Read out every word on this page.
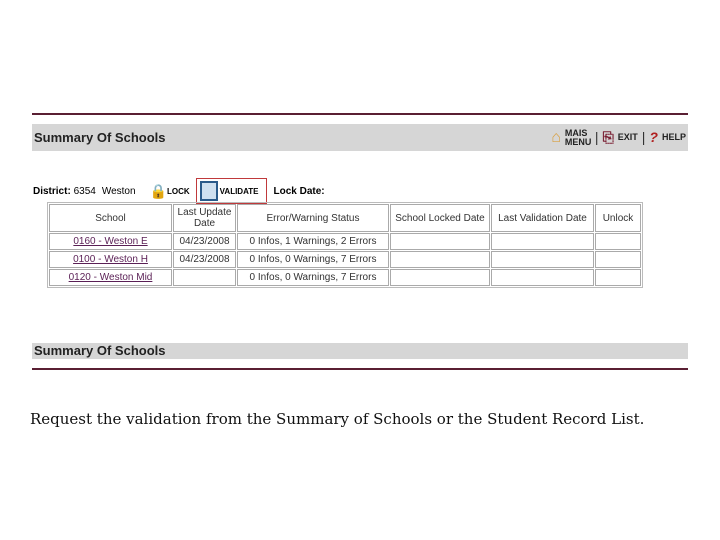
Summary Of Schools	⌂ MAIS MENU | ⎘ EXIT | ? HELP
District: 6354 Weston 🔒 LOCK	VALIDATE Lock Date:
School	Last Update Date	Error/Warning Status	School Locked Date	Last Validation Date	Unlock
0160 - Weston E	04/23/2008	0 Infos, 1 Warnings, 2 Errors			
0100 - Weston H	04/23/2008	0 Infos, 0 Warnings, 7 Errors			
0120 - Weston Mid		0 Infos, 0 Warnings, 7 Errors			
Summary Of Schools
Request the validation from the Summary of Schools or the Student Record List.
